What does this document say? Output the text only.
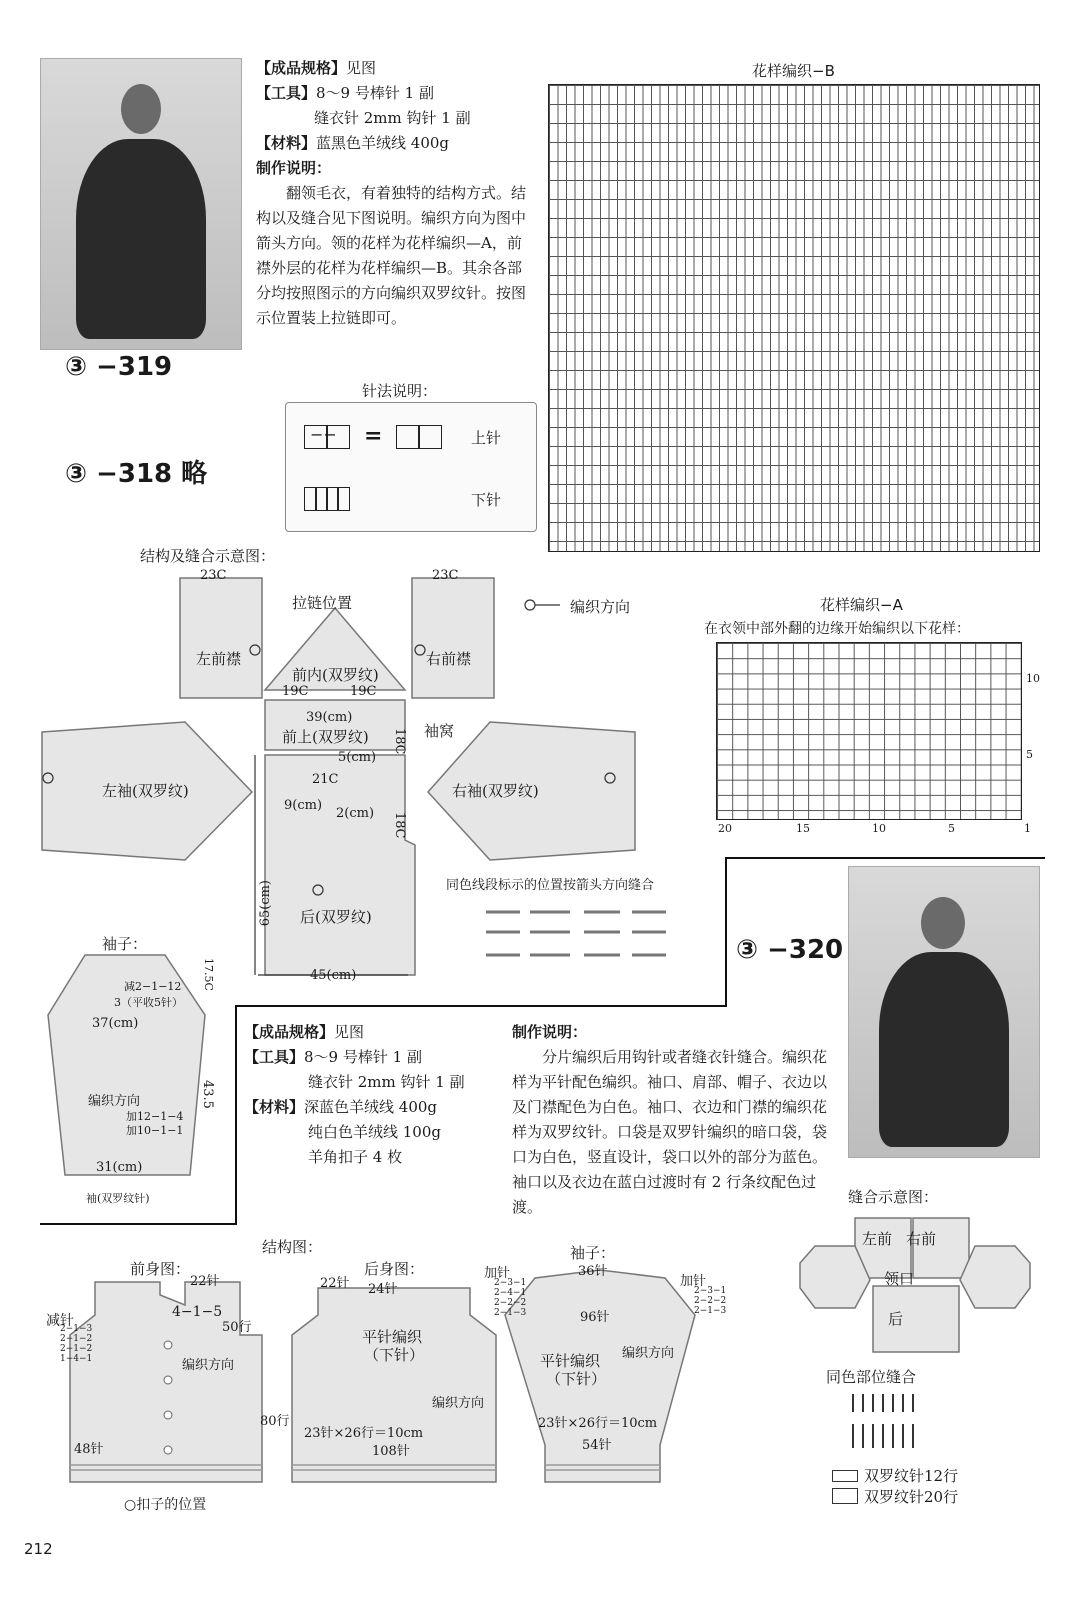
③ −319
③ −318 略
【成品规格】见图
【工具】8～9 号棒针 1 副
缝衣针 2mm 钩针 1 副
【材料】蓝黑色羊绒线 400g
制作说明：
翻领毛衣，有着独特的结构方式。结构以及缝合见下图说明。编织方向为图中箭头方向。领的花样为花样编织—A，前襟外层的花样为花样编织—B。其余各部分均按照图示的方向编织双罗纹针。按图示位置装上拉链即可。
针法说明：
−− =	上针
下针
花样编织−B
结构及缝合示意图：
23C	23C
拉链位置	编织方向
左前襟	右前襟
前内(双罗纹)
19C	19C
39(cm)
前上(双罗纹)	袖窝
18C
5(cm)
21C
左袖(双罗纹)	右袖(双罗纹)
9(cm)
2(cm) 18C
同色线段标示的位置按箭头方向缝合
65(cm) 后(双罗纹)
45(cm)
花样编织−A
在衣领中部外翻的边缘开始编织以下花样：
10
5
20	15	10	5	1
袖子：
17.5C
减2−1−12
3（平收5针）
37(cm)
编织方向
加12−1−4
加10−1−1
43.5
31(cm)
袖(双罗纹针)
③ −320
【成品规格】见图
【工具】8～9 号棒针 1 副
缝衣针 2mm 钩针 1 副
【材料】深蓝色羊绒线 400g
纯白色羊绒线 100g
羊角扣子 4 枚
制作说明：
分片编织后用钩针或者缝衣针缝合。编织花样为平针配色编织。袖口、肩部、帽子、衣边以及门襟配色为白色。袖口、衣边和门襟的编织花样为双罗纹针。口袋是双罗针编织的暗口袋，袋口为白色，竖直设计，袋口以外的部分为蓝色。袖口以及衣边在蓝白过渡时有 2 行条纹配色过渡。
结构图：
前身图：
22针
4−1−5
50行
减针
2−1−3
2−1−2
2−1−2
1−4−1	编织方向
48针
○扣子的位置
后身图：
22针 24针
平针编织
（下针）
编织方向
80行
23针×26行＝10cm
108针
袖子：
36针
加针
加针
2−3−1
2−4−1
2−2−2
2−1−3
2−3−1
2−2−2
2−1−3
96针
编织方向
平针编织
（下针）
23针×26行＝10cm
54针
缝合示意图：
左前 右前
领口
后
同色部位缝合
双罗纹针12行
双罗纹针20行
212
